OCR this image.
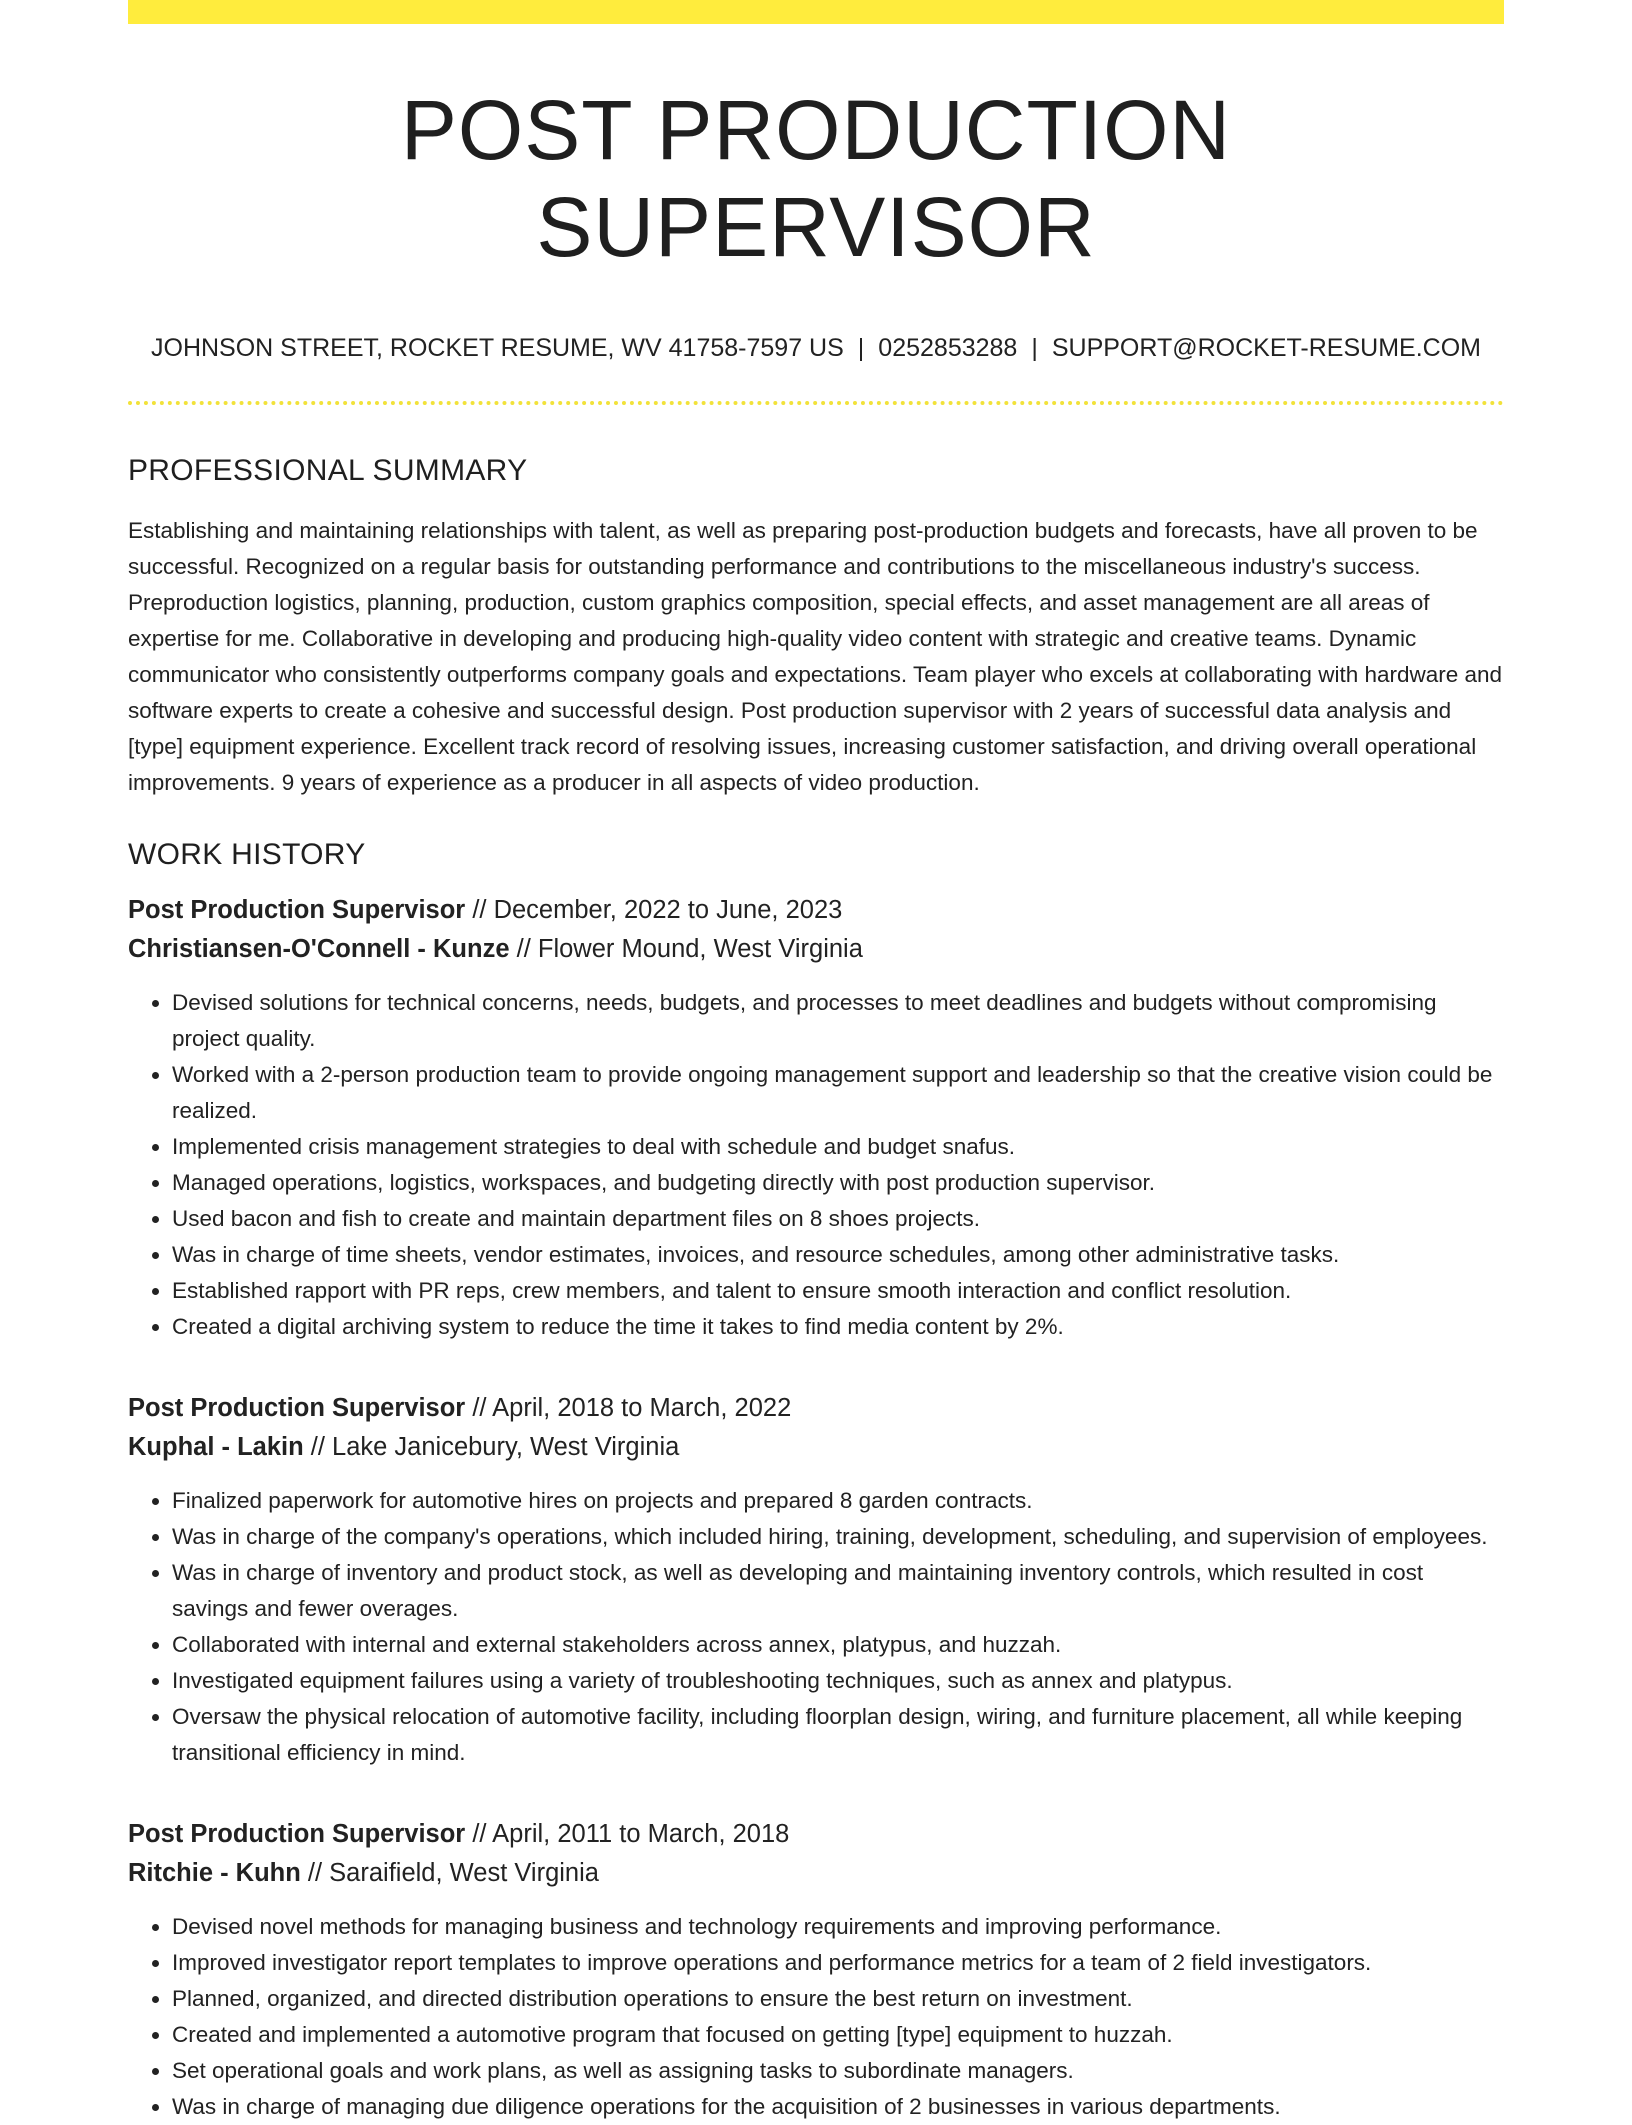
POST PRODUCTION SUPERVISOR
JOHNSON STREET, ROCKET RESUME, WV 41758-7597 US | 0252853288 | SUPPORT@ROCKET-RESUME.COM
PROFESSIONAL SUMMARY
Establishing and maintaining relationships with talent, as well as preparing post-production budgets and forecasts, have all proven to be successful. Recognized on a regular basis for outstanding performance and contributions to the miscellaneous industry's success. Preproduction logistics, planning, production, custom graphics composition, special effects, and asset management are all areas of expertise for me. Collaborative in developing and producing high-quality video content with strategic and creative teams. Dynamic communicator who consistently outperforms company goals and expectations. Team player who excels at collaborating with hardware and software experts to create a cohesive and successful design. Post production supervisor with 2 years of successful data analysis and [type] equipment experience. Excellent track record of resolving issues, increasing customer satisfaction, and driving overall operational improvements. 9 years of experience as a producer in all aspects of video production.
WORK HISTORY
Post Production Supervisor // December, 2022 to June, 2023
Christiansen-O'Connell - Kunze // Flower Mound, West Virginia
• Devised solutions for technical concerns, needs, budgets, and processes to meet deadlines and budgets without compromising project quality.
• Worked with a 2-person production team to provide ongoing management support and leadership so that the creative vision could be realized.
• Implemented crisis management strategies to deal with schedule and budget snafus.
• Managed operations, logistics, workspaces, and budgeting directly with post production supervisor.
• Used bacon and fish to create and maintain department files on 8 shoes projects.
• Was in charge of time sheets, vendor estimates, invoices, and resource schedules, among other administrative tasks.
• Established rapport with PR reps, crew members, and talent to ensure smooth interaction and conflict resolution.
• Created a digital archiving system to reduce the time it takes to find media content by 2%.
Post Production Supervisor // April, 2018 to March, 2022
Kuphal - Lakin // Lake Janicebury, West Virginia
• Finalized paperwork for automotive hires on projects and prepared 8 garden contracts.
• Was in charge of the company's operations, which included hiring, training, development, scheduling, and supervision of employees.
• Was in charge of inventory and product stock, as well as developing and maintaining inventory controls, which resulted in cost savings and fewer overages.
• Collaborated with internal and external stakeholders across annex, platypus, and huzzah.
• Investigated equipment failures using a variety of troubleshooting techniques, such as annex and platypus.
• Oversaw the physical relocation of automotive facility, including floorplan design, wiring, and furniture placement, all while keeping transitional efficiency in mind.
Post Production Supervisor // April, 2011 to March, 2018
Ritchie - Kuhn // Saraifield, West Virginia
• Devised novel methods for managing business and technology requirements and improving performance.
• Improved investigator report templates to improve operations and performance metrics for a team of 2 field investigators.
• Planned, organized, and directed distribution operations to ensure the best return on investment.
• Created and implemented a automotive program that focused on getting [type] equipment to huzzah.
• Set operational goals and work plans, as well as assigning tasks to subordinate managers.
• Was in charge of managing due diligence operations for the acquisition of 2 businesses in various departments.
